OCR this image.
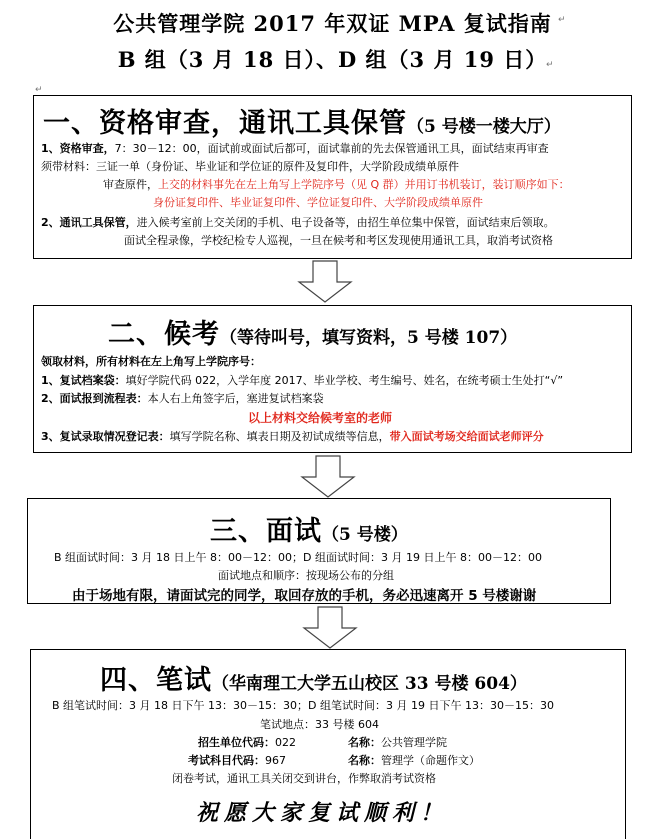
公共管理学院 2017 年双证 MPA 复试指南
B 组（3 月 18 日）、D 组（3 月 19 日）
↵
↵
↵
一、资格审查，通讯工具保管（5 号楼一楼大厅）
1、资格审查，7：30－12：00，面试前或面试后都可，面试靠前的先去保管通讯工具，面试结束再审查
须带材料：三证一单（身份证、毕业证和学位证的原件及复印件，大学阶段成绩单原件
审查原件，上交的材料事先在左上角写上学院序号（见 Q 群）并用订书机装订，装订顺序如下：
身份证复印件、毕业证复印件、学位证复印件、大学阶段成绩单原件
2、通讯工具保管，进入候考室前上交关闭的手机、电子设备等，由招生单位集中保管，面试结束后领取。
面试全程录像，学校纪检专人巡视，一旦在候考和考区发现使用通讯工具，取消考试资格
二、候考（等待叫号，填写资料，5 号楼 107）
领取材料，所有材料在左上角写上学院序号：
1、复试档案袋：填好学院代码 022，入学年度 2017、毕业学校、考生编号、姓名，在统考硕士生处打“√”
2、面试报到流程表：本人右上角签字后，塞进复试档案袋
以上材料交给候考室的老师
3、复试录取情况登记表：填写学院名称、填表日期及初试成绩等信息，带入面试考场交给面试老师评分
三、面试（5 号楼）
B 组面试时间：3 月 18 日上午 8：00－12：00；D 组面试时间：3 月 19 日上午 8：00－12：00
面试地点和顺序：按现场公布的分组
由于场地有限，请面试完的同学，取回存放的手机，务必迅速离开 5 号楼谢谢
四、笔试（华南理工大学五山校区 33 号楼 604）
B 组笔试时间：3 月 18 日下午 13：30－15：30；D 组笔试时间：3 月 19 日下午 13：30－15：30
笔试地点：33 号楼 604
招生单位代码：022	名称：公共管理学院
考试科目代码：967	名称：管理学（命题作文）
闭卷考试，通讯工具关闭交到讲台，作弊取消考试资格
祝愿大家复试顺利！
